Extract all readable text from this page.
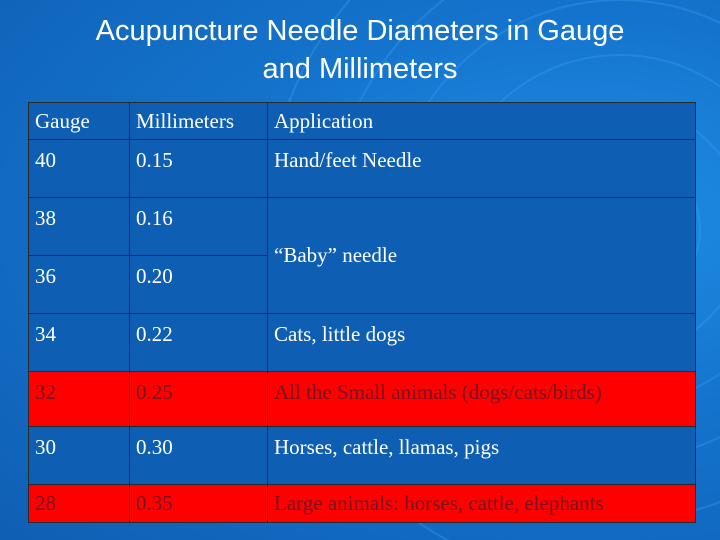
Acupuncture Needle Diameters in Gauge
and Millimeters
Gauge	Millimeters	Application

40	0.15	Hand/feet Needle

38	0.16	“Baby” needle

36	0.20	

34	0.22	Cats, little dogs

32	0.25	All the Small animals (dogs/cats/birds)

30	0.30	Horses, cattle, llamas, pigs

28	0.35	Large animals: horses, cattle, elephants
